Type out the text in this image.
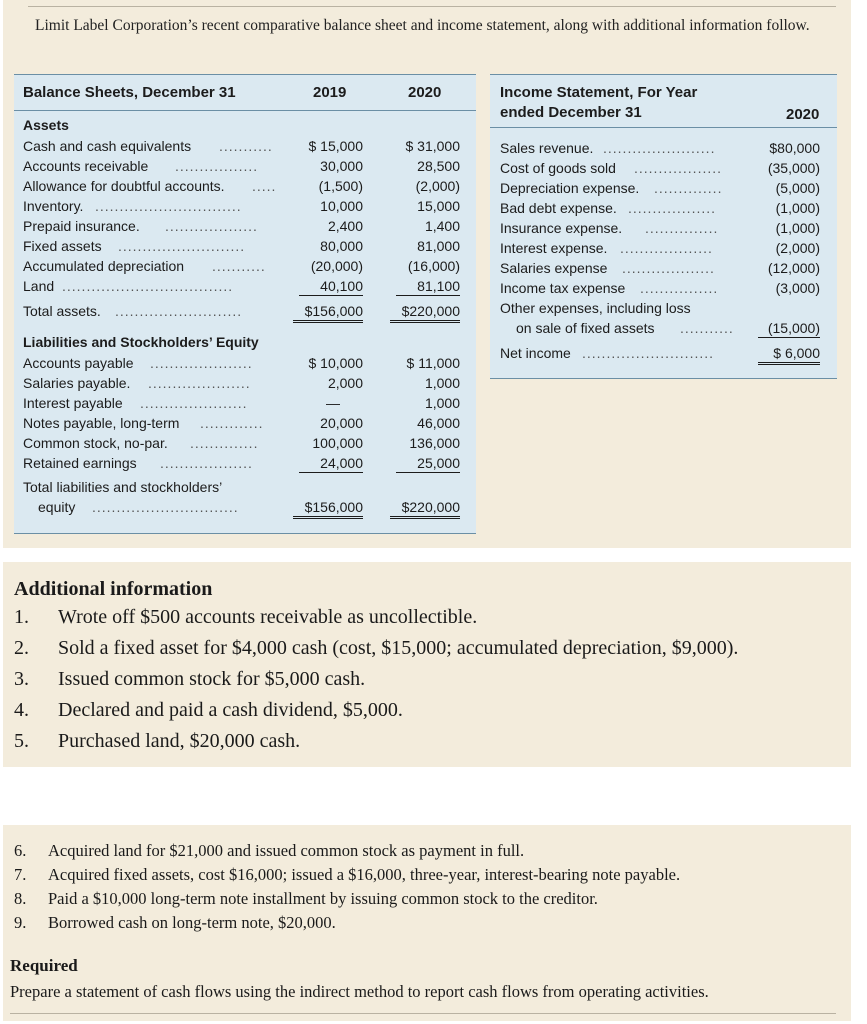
Limit Label Corporation’s recent comparative balance sheet and income statement, along with additional information follow.
Balance Sheets, December 31	2019	2020
Assets
Cash and cash equivalents ...........	$ 15,000	$ 31,000
Accounts receivable .................	30,000	28,500
Allowance for doubtful accounts. .....	(1,500)	(2,000)
Inventory. ..............................	10,000	15,000
Prepaid insurance. ...................	2,400	1,400
Fixed assets ..........................	80,000	81,000
Accumulated depreciation ...........	(20,000)	(16,000)
Land ...................................	40,100	81,100
Total assets. ..........................	$156,000	$220,000
Liabilities and Stockholders’ Equity
Accounts payable .....................	$ 10,000	$ 11,000
Salaries payable. .....................	2,000	1,000
Interest payable ......................	—	1,000
Notes payable, long-term .............	20,000	46,000
Common stock, no-par. ..............	100,000	136,000
Retained earnings ...................	24,000	25,000
Total liabilities and stockholders’
equity ..............................	$156,000	$220,000
Income Statement, For Year
ended December 31	2020
Sales revenue. .......................	$80,000
Cost of goods sold ..................	(35,000)
Depreciation expense. ..............	(5,000)
Bad debt expense. ..................	(1,000)
Insurance expense. ...............	(1,000)
Interest expense. ...................	(2,000)
Salaries expense ...................	(12,000)
Income tax expense ................	(3,000)
Other expenses, including loss
on sale of fixed assets ...........	(15,000)
Net income ...........................	$ 6,000
Additional information
1. Wrote off $500 accounts receivable as uncollectible.
2. Sold a fixed asset for $4,000 cash (cost, $15,000; accumulated depreciation, $9,000).
3. Issued common stock for $5,000 cash.
4. Declared and paid a cash dividend, $5,000.
5. Purchased land, $20,000 cash.
6. Acquired land for $21,000 and issued common stock as payment in full.
7. Acquired fixed assets, cost $16,000; issued a $16,000, three-year, interest-bearing note payable.
8. Paid a $10,000 long-term note installment by issuing common stock to the creditor.
9. Borrowed cash on long-term note, $20,000.
Required
Prepare a statement of cash flows using the indirect method to report cash flows from operating activities.
